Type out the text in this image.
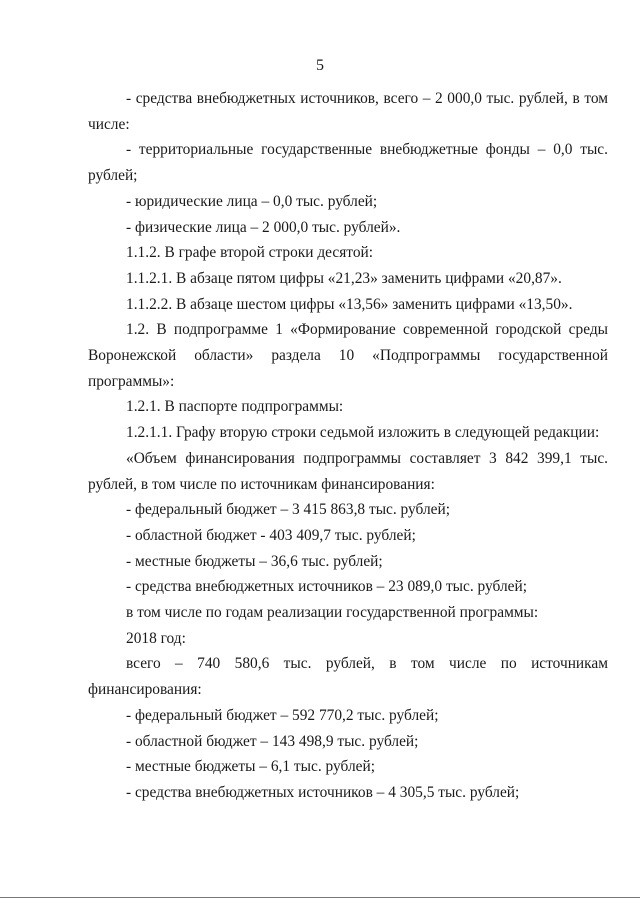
5

- средства внебюджетных источников, всего – 2 000,0 тыс. рублей, в том

числе:

- территориальные государственные внебюджетные фонды – 0,0 тыс.

рублей;

- юридические лица – 0,0 тыс. рублей;

- физические лица – 2 000,0 тыс. рублей».

1.1.2. В графе второй строки десятой:

1.1.2.1. В абзаце пятом цифры «21,23» заменить цифрами «20,87».

1.1.2.2. В абзаце шестом цифры «13,56» заменить цифрами «13,50».

1.2. В подпрограмме 1 «Формирование современной городской среды

Воронежской области» раздела 10 «Подпрограммы государственной

программы»:

1.2.1. В паспорте подпрограммы:

1.2.1.1. Графу вторую строки седьмой изложить в следующей редакции:

«Объем финансирования подпрограммы составляет 3 842 399,1 тыс.

рублей, в том числе по источникам финансирования:

- федеральный бюджет – 3 415 863,8 тыс. рублей;

- областной бюджет - 403 409,7 тыс. рублей;

- местные бюджеты – 36,6 тыс. рублей;

- средства внебюджетных источников – 23 089,0 тыс. рублей;

в том числе по годам реализации государственной программы:

2018 год:

всего – 740 580,6 тыс. рублей, в том числе по источникам

финансирования:

- федеральный бюджет – 592 770,2 тыс. рублей;

- областной бюджет – 143 498,9 тыс. рублей;

- местные бюджеты – 6,1 тыс. рублей;

- средства внебюджетных источников – 4 305,5 тыс. рублей;
